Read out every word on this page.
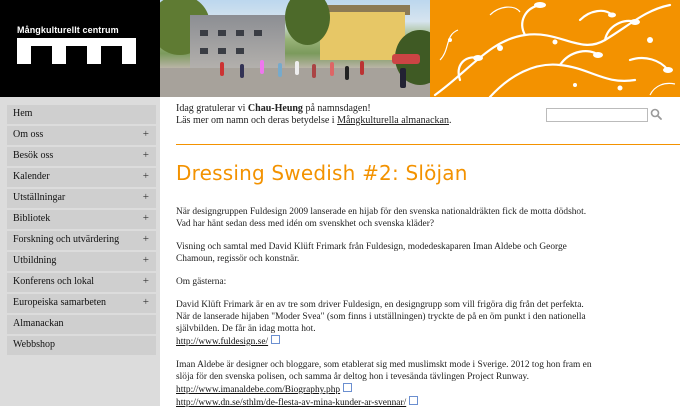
Mångkulturellt centrum
Hem
Om oss	+
Besök oss	+
Kalender	+
Utställningar	+
Bibliotek	+
Forskning och utvärdering +
Utbildning	+
Konferens och lokal	+
Europeiska samarbeten	+
Almanackan
Webbshop
Idag gratulerar vi Chau-Heung på namnsdagen!
Läs mer om namn och deras betydelse i Mångkulturella almanackan.
Dressing Swedish #2: Slöjan

När designgruppen Fuldesign 2009 lanserade en hijab för den svenska nationaldräkten fick de motta dödshot. Vad har hänt sedan dess med idén om svenskhet och svenska kläder?

Visning och samtal med David Klüft Frimark från Fuldesign, modedeskaparen Iman Aldebe och George Chamoun, regissör och konstnär.

Om gästerna:

David Klüft Frimark är en av tre som driver Fuldesign, en designgrupp som vill frigöra dig från det perfekta. När de lanserade hijaben "Moder Svea" (som finns i utställningen) tryckte de på en öm punkt i den nationella självbilden. De får än idag motta hot.
http://www.fuldesign.se/

Iman Aldebe är designer och bloggare, som etablerat sig med muslimskt mode i Sverige. 2012 tog hon fram en slöja för den svenska polisen, och samma år deltog hon i tevesända tävlingen Project Runway.
http://www.imanaldebe.com/Biography.php
http://www.dn.se/sthlm/de-flesta-av-mina-kunder-ar-svennar/
